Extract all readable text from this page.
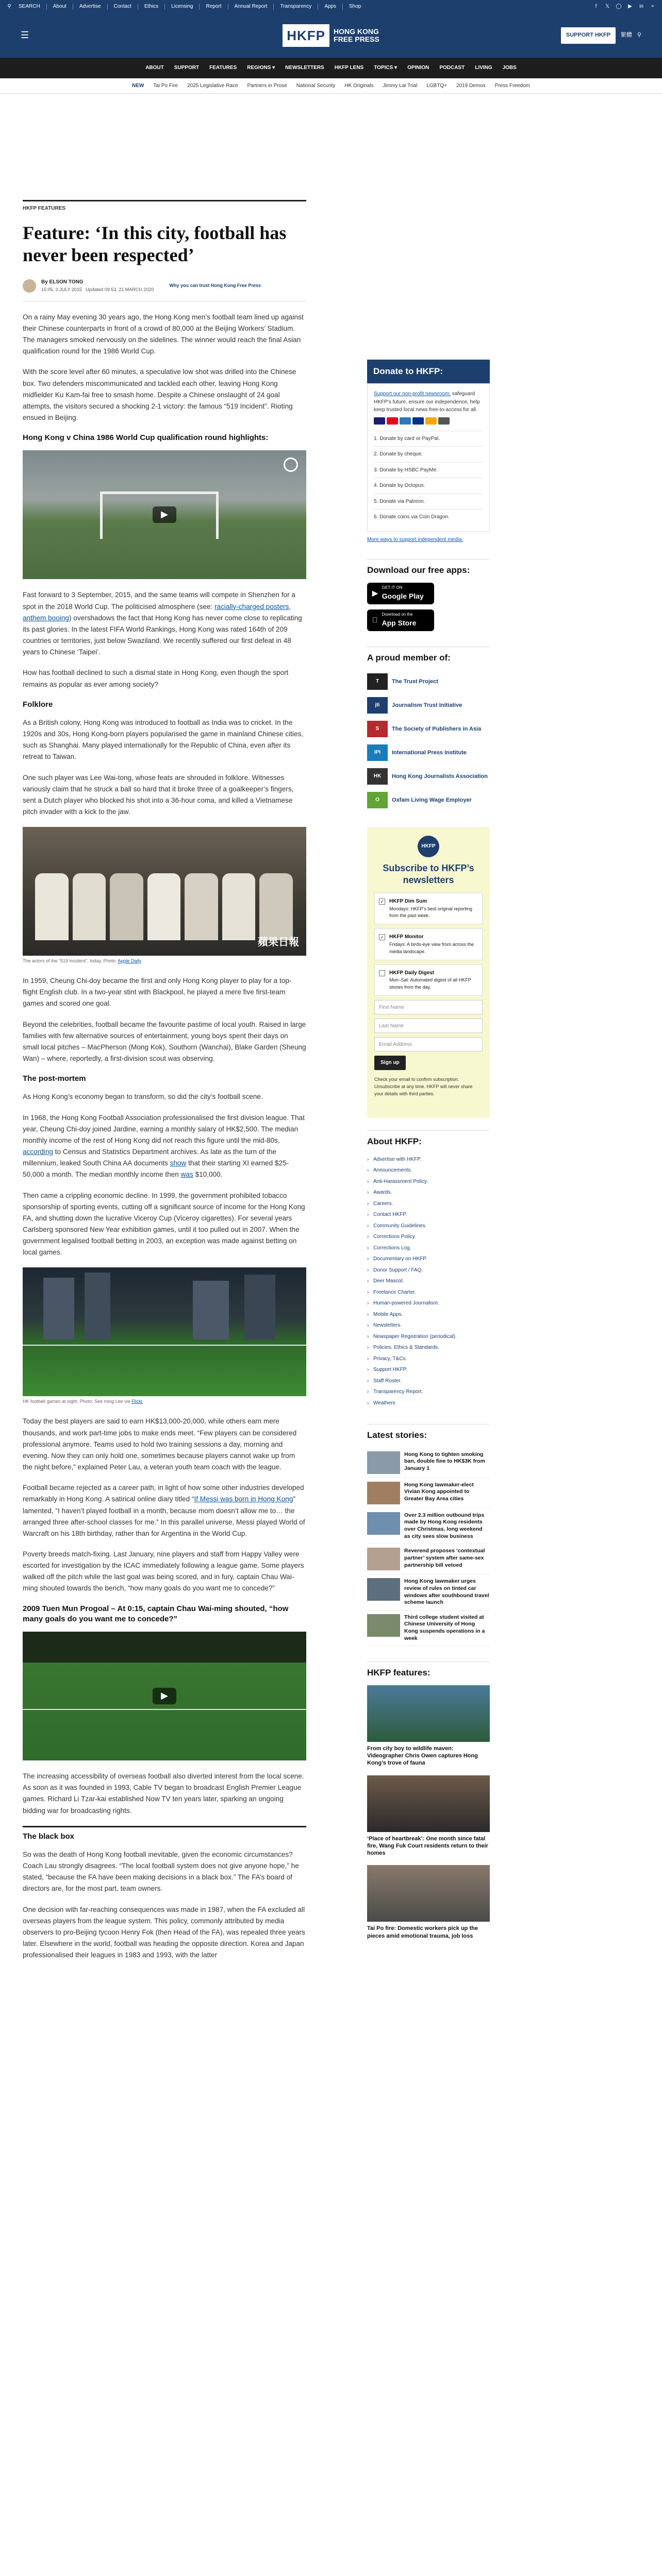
⚲ SEARCH	About	Advertise	Contact	Ethics	Licensing	Report	Annual Report	Transparency	Apps	Shop	f	𝕏 ◯ ▶ in	≈
☰	HKFP	HONG KONG
FREE PRESS	SUPPORT HKFP	繁體 ⚲
ABOUT SUPPORT FEATURES REGIONS ▾ NEWSLETTERS HKFP LENS TOPICS ▾ OPINION PODCAST LIVING JOBS
NEW Tai Po Fire 2025 Legislative Race Partners in Prose National Security HK Originals Jimmy Lai Trial LGBTQ+ 2019 Demos Press Freedom
HKFP FEATURES
Feature: ‘In this city, football has never been respected’
By ELSON TONG
15:05, 3 JULY 2015 Updated 09:53, 21 MARCH 2020
Why you can trust Hong Kong Free Press

On a rainy May evening 30 years ago, the Hong Kong men’s football team lined up against their Chinese counterparts in front of a crowd of 80,000 at the Beijing Workers’ Stadium. The managers smoked nervously on the sidelines. The winner would reach the final Asian qualification round for the 1986 World Cup.

With the score level after 60 minutes, a speculative low shot was drilled into the Chinese box. Two defenders miscommunicated and tackled each other, leaving Hong Kong midfielder Ku Kam-fai free to smash home. Despite a Chinese onslaught of 24 goal attempts, the visitors secured a shocking 2-1 victory: the famous “519 Incident”. Rioting ensued in Beijing.

Hong Kong v China 1986 World Cup qualification round highlights:
▶

Fast forward to 3 September, 2015, and the same teams will compete in Shenzhen for a spot in the 2018 World Cup. The politicised atmosphere (see: racially-charged posters, anthem booing) overshadows the fact that Hong Kong has never come close to replicating its past glories. In the latest FIFA World Rankings, Hong Kong was rated 164th of 209 countries or territories, just below Swaziland. We recently suffered our first defeat in 48 years to Chinese ‘Taipei’.

How has football declined to such a dismal state in Hong Kong, even though the sport remains as popular as ever among society?

Folklore

As a British colony, Hong Kong was introduced to football as India was to cricket. In the 1920s and 30s, Hong Kong-born players popularised the game in mainland Chinese cities, such as Shanghai. Many played internationally for the Republic of China, even after its retreat to Taiwan.

One such player was Lee Wai-tong, whose feats are shrouded in folklore. Witnesses variously claim that he struck a ball so hard that it broke three of a goalkeeper’s fingers, sent a Dutch player who blocked his shot into a 36-hour coma, and killed a Vietnamese pitch invader with a kick to the jaw.

蘋果日報
The actors of the “519 Incident”, today. Photo: Apple Daily

In 1959, Cheung Chi-doy became the first and only Hong Kong player to play for a top-flight English club. In a two-year stint with Blackpool, he played a mere five first-team games and scored one goal.

Beyond the celebrities, football became the favourite pastime of local youth. Raised in large families with few alternative sources of entertainment, young boys spent their days on small local pitches – MacPherson (Mong Kok), Southorn (Wanchai), Blake Garden (Sheung Wan) – where, reportedly, a first-division scout was observing.

The post-mortem

As Hong Kong’s economy began to transform, so did the city’s football scene.

In 1968, the Hong Kong Football Association professionalised the first division league. That year, Cheung Chi-doy joined Jardine, earning a monthly salary of HK$2,500. The median monthly income of the rest of Hong Kong did not reach this figure until the mid-80s, according to Census and Statistics Department archives. As late as the turn of the millennium, leaked South China AA documents show that their starting XI earned $25-50,000 a month. The median monthly income then was $10,000.

Then came a crippling economic decline. In 1999, the government prohibited tobacco sponsorship of sporting events, cutting off a significant source of income for the Hong Kong FA, and shutting down the lucrative Viceroy Cup (Viceroy cigarettes). For several years Carlsberg sponsored New Year exhibition games, until it too pulled out in 2007. When the government legalised football betting in 2003, an exception was made against betting on local games.

HK football games at night. Photo: See ming Lee via Flickr

Today the best players are said to earn HK$13,000-20,000, while others earn mere thousands, and work part-time jobs to make ends meet. “Few players can be considered professional anymore. Teams used to hold two training sessions a day, morning and evening. Now they can only hold one, sometimes because players cannot wake up from the night before,” explained Peter Lau, a veteran youth team coach with the league.

Football became rejected as a career path, in light of how some other industries developed remarkably in Hong Kong. A satirical online diary titled “If Messi was born in Hong Kong” lamented, “I haven’t played football in a month, because mom doesn’t allow me to… the arranged three after-school classes for me.” In this parallel universe, Messi played World of Warcraft on his 18th birthday, rather than for Argentina in the World Cup.

Poverty breeds match-fixing. Last January, nine players and staff from Happy Valley were escorted for investigation by the ICAC immediately following a league game. Some players walked off the pitch while the last goal was being scored, and in fury, captain Chau Wai-ming shouted towards the bench, “how many goals do you want me to concede?”

2009 Tuen Mun Progoal – At 0:15, captain Chau Wai-ming shouted, “how many goals do you want me to concede?”
▶

The increasing accessibility of overseas football also diverted interest from the local scene. As soon as it was founded in 1993, Cable TV began to broadcast English Premier League games. Richard Li Tzar-kai established Now TV ten years later, sparking an ongoing bidding war for broadcasting rights.

The black box

So was the death of Hong Kong football inevitable, given the economic circumstances? Coach Lau strongly disagrees. “The local football system does not give anyone hope,” he stated, “because the FA have been making decisions in a black box.” The FA’s board of directors are, for the most part, team owners.

One decision with far-reaching consequences was made in 1987, when the FA excluded all overseas players from the league system. This policy, commonly attributed by media observers to pro-Beijing tycoon Henry Fok (then Head of the FA), was repealed three years later. Elsewhere in the world, football was heading the opposite direction. Korea and Japan professionalised their leagues in 1983 and 1993, with the latter

Donate to HKFP:
Support our non-profit newsroom: safeguard HKFP’s future, ensure our independence, help keep trusted local news free-to-access for all.
1. Donate by card or PayPal.
2. Donate by cheque.
3. Donate by HSBC PayMe.
4. Donate by Octopus.
5. Donate via Patreon.
6. Donate coins via Coin Dragon.
More ways to support independent media.
Download our free apps:
▶
GET IT ON
Google Play
Download on the
App Store
A proud member of:
T	The Trust Project
jti	Journalism Trust Initiative
S	The Society of Publishers in Asia
IPI	International Press Institute
HK	Hong Kong Journalists Association
O	Oxfam Living Wage Employer
HKFP
Subscribe to HKFP’s newsletters
✓ HKFP Dim Sum
Mondays: HKFP’s best original reporting from the past week.
✓ HKFP Monitor
Fridays: A birds-eye view from across the media landscape.
HKFP Daily Digest
Mon–Sat: Automated digest of all HKFP stories from the day.
First Name
Last Name
Email Address
Sign up
Check your email to confirm subscription. Unsubscribe at any time. HKFP will never share your details with third parties.
About HKFP:
› Advertise with HKFP.
› Announcements.
› Anti-Harassment Policy.
› Awards.
› Careers.
› Contact HKFP.
› Community Guidelines.
› Corrections Policy.
› Corrections Log.
› Documentary on HKFP.
› Donor Support / FAQ.
› Deer Mascot.
› Freelance Charter.
› Human-powered Journalism.
› Mobile Apps.
› Newsletters.
› Newspaper Registration (periodical).
› Policies, Ethics & Standards.
› Privacy, T&Cs.
› Support HKFP.
› Staff Roster.
› Transparency Report.
› Weathers
Latest stories:
Hong Kong to tighten smoking ban, double fine to HK$3K from January 1
Hong Kong lawmaker-elect Vivian Kong appointed to Greater Bay Area cities
Over 2.3 million outbound trips made by Hong Kong residents over Christmas, long weekend as city sees slow business
Reverend proposes ‘contextual partner’ system after same-sex partnership bill vetoed
Hong Kong lawmaker urges review of rules on tinted car windows after southbound travel scheme launch
Third college student visited at Chinese University of Hong Kong suspends operations in a week
HKFP features:
From city boy to wildlife maven: Videographer Chris Owen captures Hong Kong’s trove of fauna
‘Place of heartbreak’: One month since fatal fire, Wang Fuk Court residents return to their homes
Tai Po fire: Domestic workers pick up the pieces amid emotional trauma, job loss
